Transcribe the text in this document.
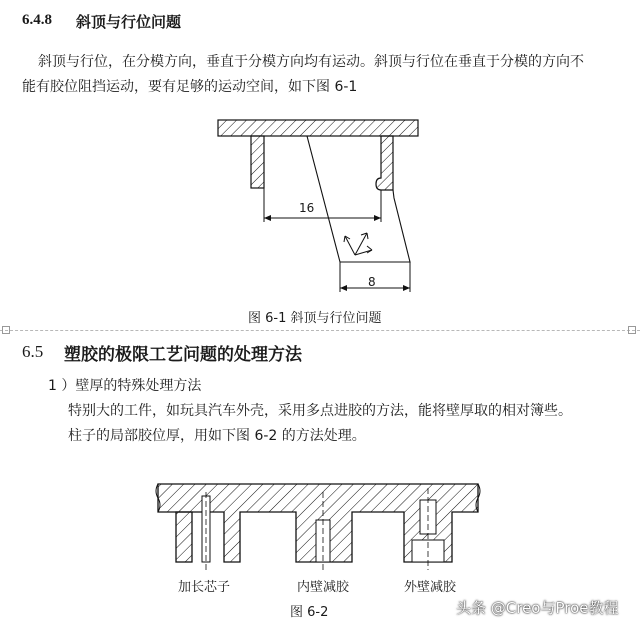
6.4.8 斜顶与行位问题
斜顶与行位，在分模方向，垂直于分模方向均有运动。斜顶与行位在垂直于分模的方向不
能有胶位阻挡运动，要有足够的运动空间，如下图 6-1
16
8
图 6-1 斜顶与行位问题
6.5 塑胶的极限工艺问题的处理方法
1 ）壁厚的特殊处理方法
特别大的工件，如玩具汽车外壳，采用多点进胶的方法，能将壁厚取的相对簿些。
柱子的局部胶位厚，用如下图 6-2 的方法处理。
加长芯子	内壁减胶	外壁减胶
图 6-2	头条 @Creo与Proe教程
